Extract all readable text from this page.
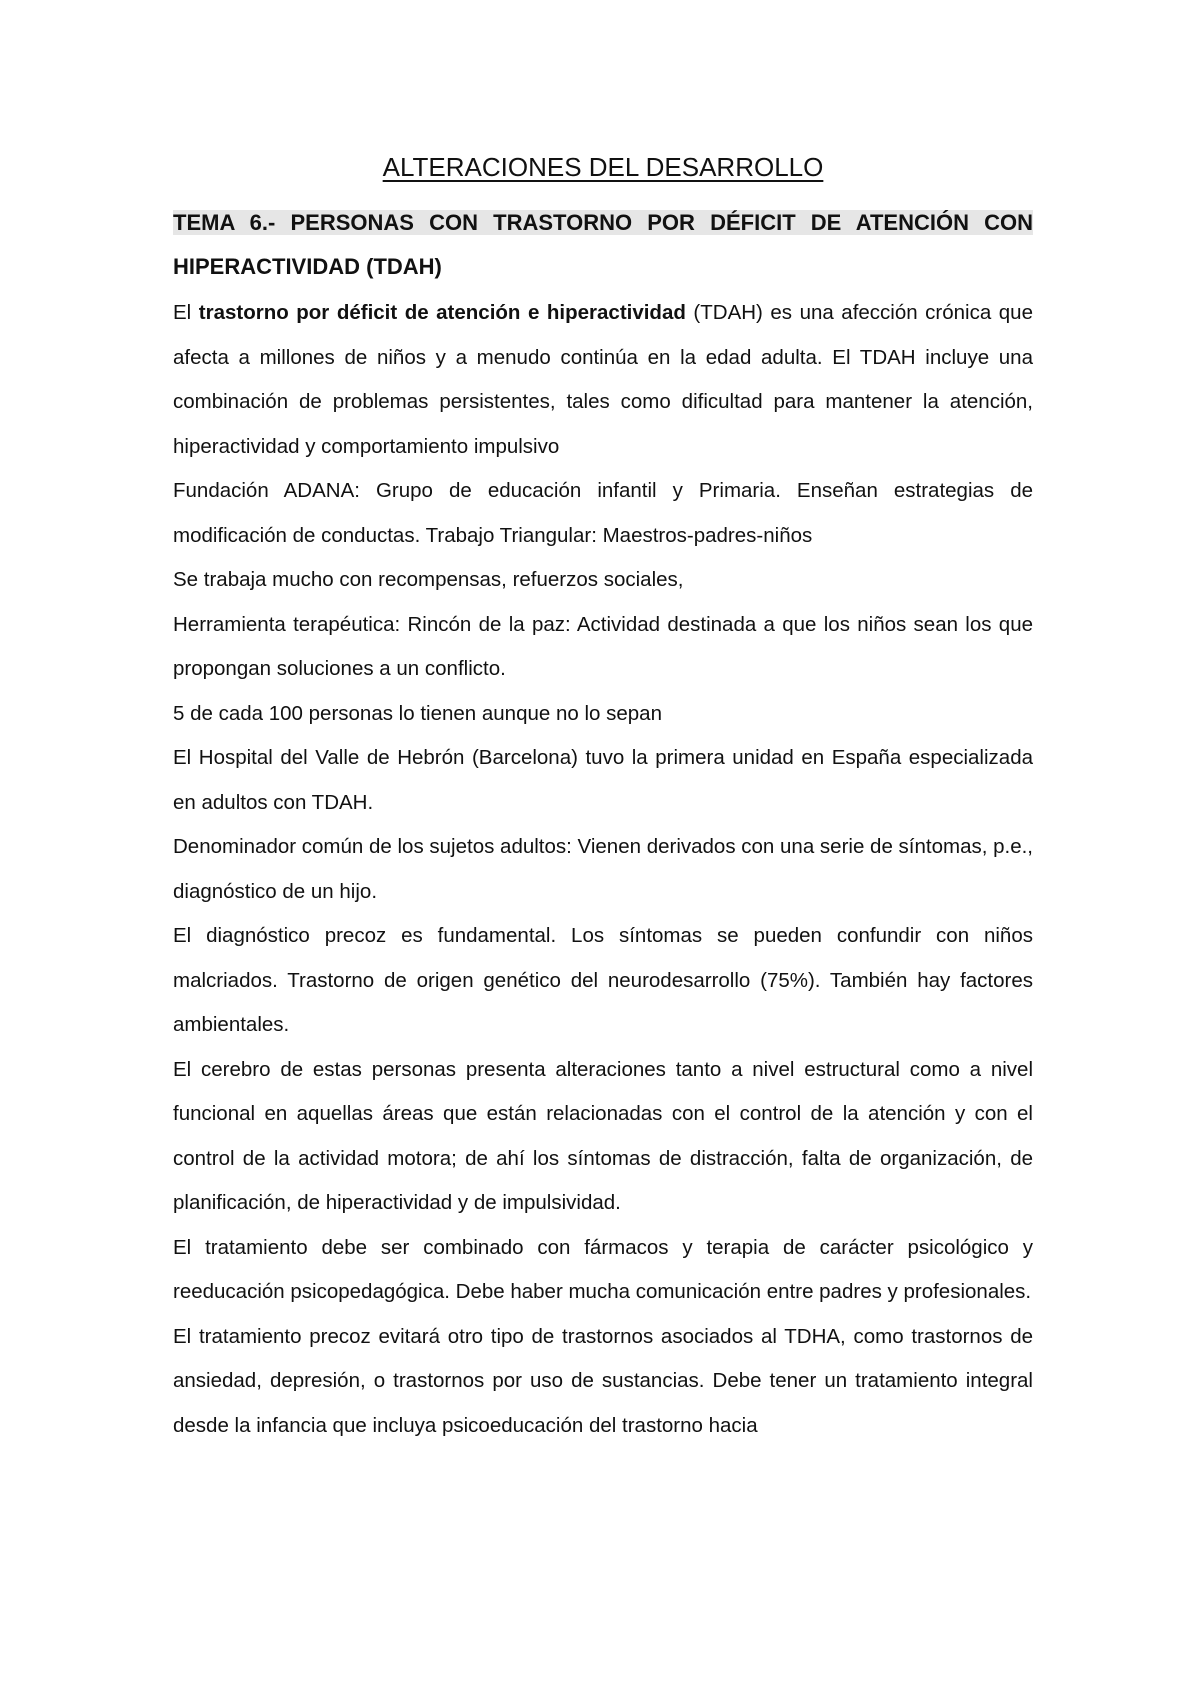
ALTERACIONES DEL DESARROLLO

TEMA 6.- PERSONAS CON TRASTORNO POR DÉFICIT DE ATENCIÓN CON

HIPERACTIVIDAD (TDAH)

El trastorno por déficit de atención e hiperactividad (TDAH) es una afección crónica que afecta a millones de niños y a menudo continúa en la edad adulta. El TDAH incluye una combinación de problemas persistentes, tales como dificultad para mantener la atención, hiperactividad y comportamiento impulsivo

Fundación ADANA: Grupo de educación infantil y Primaria. Enseñan estrategias de modificación de conductas. Trabajo Triangular: Maestros-padres-niños

Se trabaja mucho con recompensas, refuerzos sociales,

Herramienta terapéutica: Rincón de la paz: Actividad destinada a que los niños sean los que propongan soluciones a un conflicto.

5 de cada 100 personas lo tienen aunque no lo sepan

El Hospital del Valle de Hebrón (Barcelona) tuvo la primera unidad en España especializada en adultos con TDAH.

Denominador común de los sujetos adultos: Vienen derivados con una serie de síntomas, p.e., diagnóstico de un hijo.

El diagnóstico precoz es fundamental. Los síntomas se pueden confundir con niños malcriados. Trastorno de origen genético del neurodesarrollo (75%). También hay factores ambientales.

El cerebro de estas personas presenta alteraciones tanto a nivel estructural como a nivel funcional en aquellas áreas que están relacionadas con el control de la atención y con el control de la actividad motora; de ahí los síntomas de distracción, falta de organización, de planificación, de hiperactividad y de impulsividad.

El tratamiento debe ser combinado con fármacos y terapia de carácter psicológico y reeducación psicopedagógica. Debe haber mucha comunicación entre padres y profesionales.

El tratamiento precoz evitará otro tipo de trastornos asociados al TDHA, como trastornos de ansiedad, depresión, o trastornos por uso de sustancias. Debe tener un tratamiento integral desde la infancia que incluya psicoeducación del trastorno hacia
